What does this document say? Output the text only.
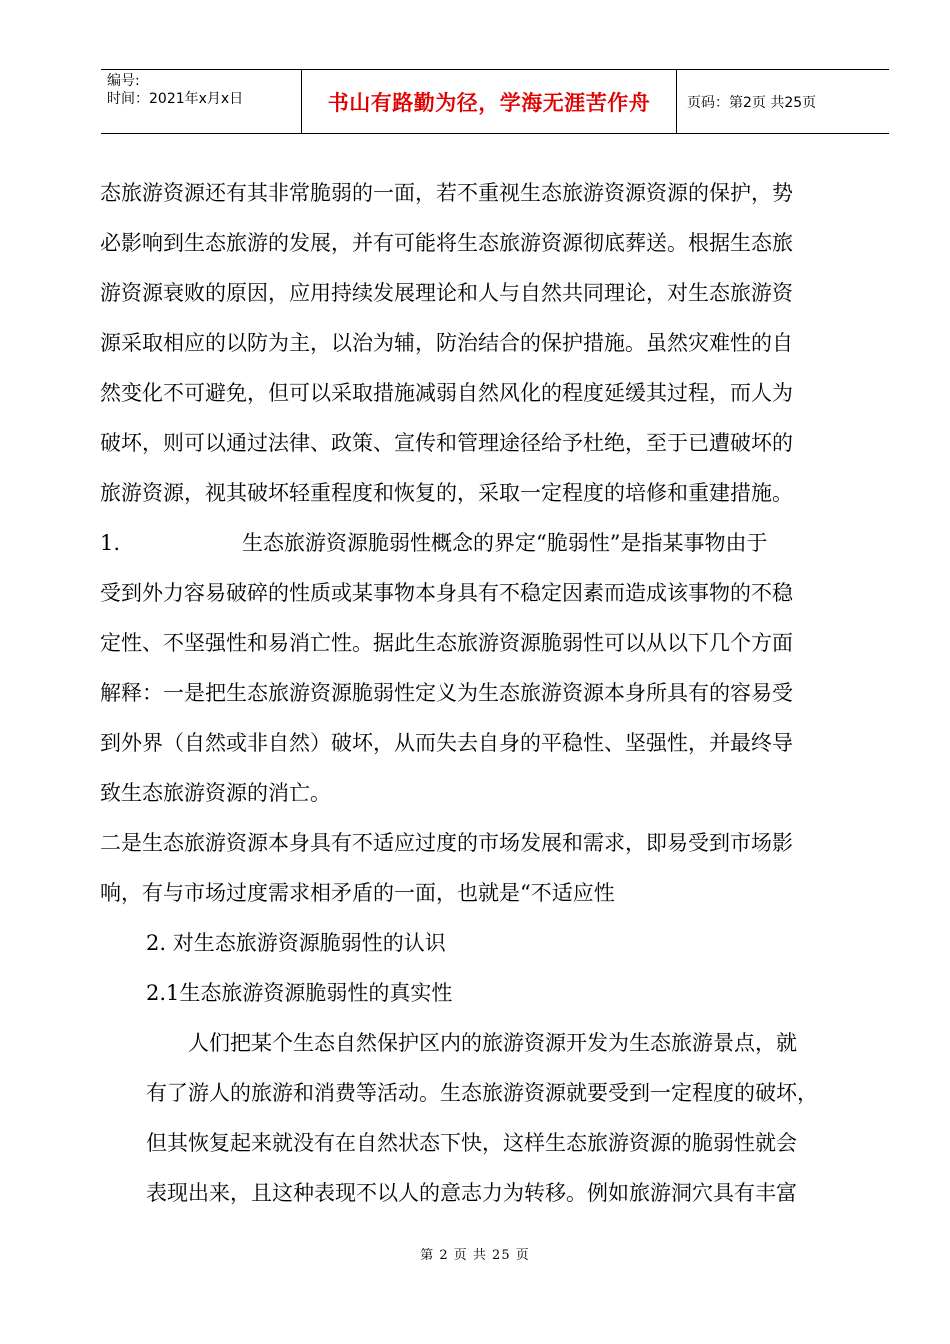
编号:
时间：2021年x月x日	书山有路勤为径，学海无涯苦作舟	页码：第2页 共25页

态旅游资源还有其非常脆弱的一面，若不重视生态旅游资源资源的保护，势

必影响到生态旅游的发展，并有可能将生态旅游资源彻底葬送。根据生态旅

游资源衰败的原因，应用持续发展理论和人与自然共同理论，对生态旅游资

源采取相应的以防为主，以治为辅，防治结合的保护措施。虽然灾难性的自

然变化不可避免，但可以采取措施减弱自然风化的程度延缓其过程，而人为

破坏，则可以通过法律、政策、宣传和管理途径给予杜绝，至于已遭破坏的

旅游资源，视其破坏轻重程度和恢复的，采取一定程度的培修和重建措施。

1.	生态旅游资源脆弱性概念的界定“脆弱性”是指某事物由于

受到外力容易破碎的性质或某事物本身具有不稳定因素而造成该事物的不稳

定性、不坚强性和易消亡性。据此生态旅游资源脆弱性可以从以下几个方面

解释：一是把生态旅游资源脆弱性定义为生态旅游资源本身所具有的容易受

到外界（自然或非自然）破坏，从而失去自身的平稳性、坚强性，并最终导

致生态旅游资源的消亡。

二是生态旅游资源本身具有不适应过度的市场发展和需求，即易受到市场影

响，有与市场过度需求相矛盾的一面，也就是“不适应性

2. 对生态旅游资源脆弱性的认识

2.1生态旅游资源脆弱性的真实性

人们把某个生态自然保护区内的旅游资源开发为生态旅游景点，就

有了游人的旅游和消费等活动。生态旅游资源就要受到一定程度的破坏，

但其恢复起来就没有在自然状态下快，这样生态旅游资源的脆弱性就会

表现出来，且这种表现不以人的意志力为转移。例如旅游洞穴具有丰富

第 2 页 共 25 页
